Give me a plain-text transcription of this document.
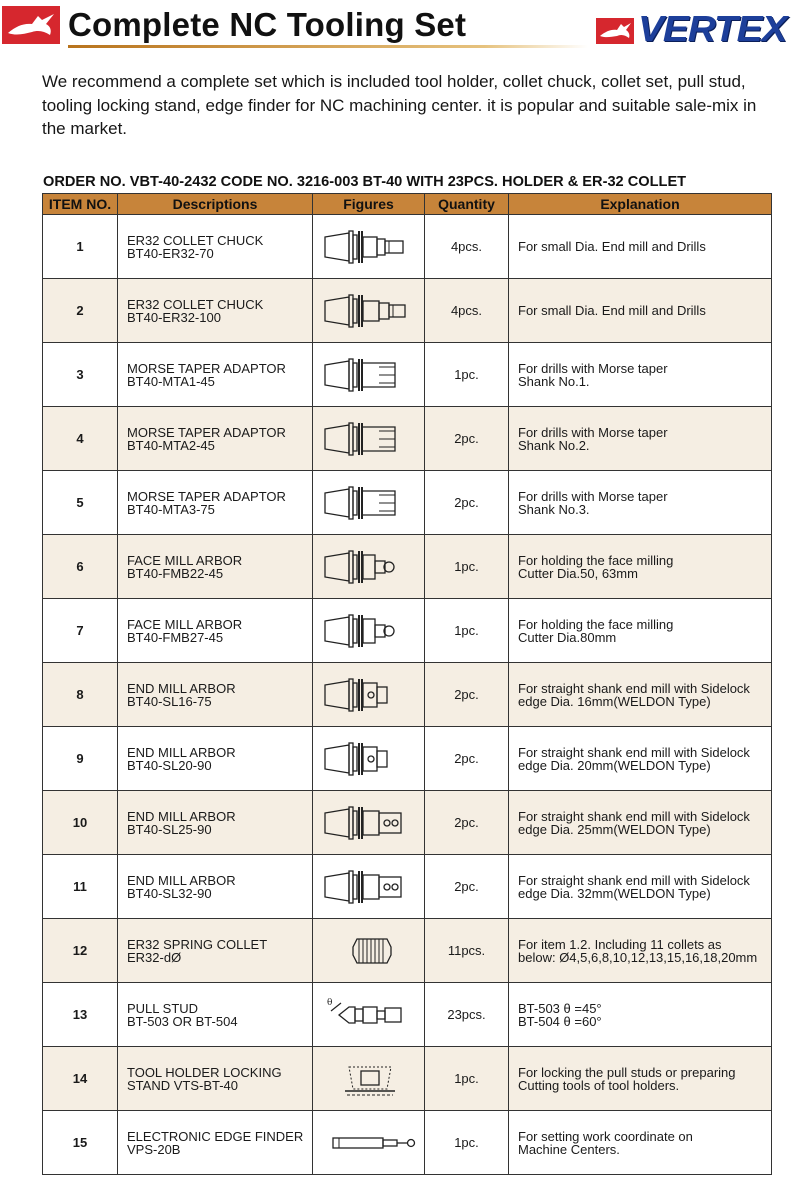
Complete NC Tooling Set	VERTEX
We recommend a complete set which is included tool holder, collet chuck, collet set, pull stud, tooling locking stand, edge finder for NC machining center. it is popular and suitable sale-mix in the market.
ORDER NO. VBT-40-2432 CODE NO. 3216-003 BT-40 WITH 23PCS. HOLDER & ER-32 COLLET
ITEM NO.	Descriptions	Figures	Quantity	Explanation
1	ER32 COLLET CHUCK
BT40-ER32-70		4pcs.	For small Dia. End mill and Drills

2	ER32 COLLET CHUCK
BT40-ER32-100		4pcs.	For small Dia. End mill and Drills

3	MORSE TAPER ADAPTOR
BT40-MTA1-45		1pc.	For drills with Morse taper
Shank No.1.

4	MORSE TAPER ADAPTOR
BT40-MTA2-45		2pc.	For drills with Morse taper
Shank No.2.

5	MORSE TAPER ADAPTOR
BT40-MTA3-75		2pc.	For drills with Morse taper
Shank No.3.

6	FACE MILL ARBOR
BT40-FMB22-45		1pc.	For holding the face milling
Cutter Dia.50, 63mm

7	FACE MILL ARBOR
BT40-FMB27-45		1pc.	For holding the face milling
Cutter Dia.80mm

8	END MILL ARBOR
BT40-SL16-75		2pc.	For straight shank end mill with Sidelock
edge Dia. 16mm(WELDON Type)

9	END MILL ARBOR
BT40-SL20-90		2pc.	For straight shank end mill with Sidelock
edge Dia. 20mm(WELDON Type)

10	END MILL ARBOR
BT40-SL25-90		2pc.	For straight shank end mill with Sidelock
edge Dia. 25mm(WELDON Type)

11	END MILL ARBOR
BT40-SL32-90		2pc.	For straight shank end mill with Sidelock
edge Dia. 32mm(WELDON Type)

12	ER32 SPRING COLLET
ER32-dØ		11pcs.	For item 1.2. Including 11 collets as
below: Ø4,5,6,8,10,12,13,15,16,18,20mm

13	PULL STUD
BT-503 OR BT-504	θ	23pcs.	BT-503 θ =45°
BT-504 θ =60°

14	TOOL HOLDER LOCKING
STAND VTS-BT-40		1pc.	For locking the pull studs or preparing
Cutting tools of tool holders.

15	ELECTRONIC EDGE FINDER
VPS-20B		1pc.	For setting work coordinate on
Machine Centers.
